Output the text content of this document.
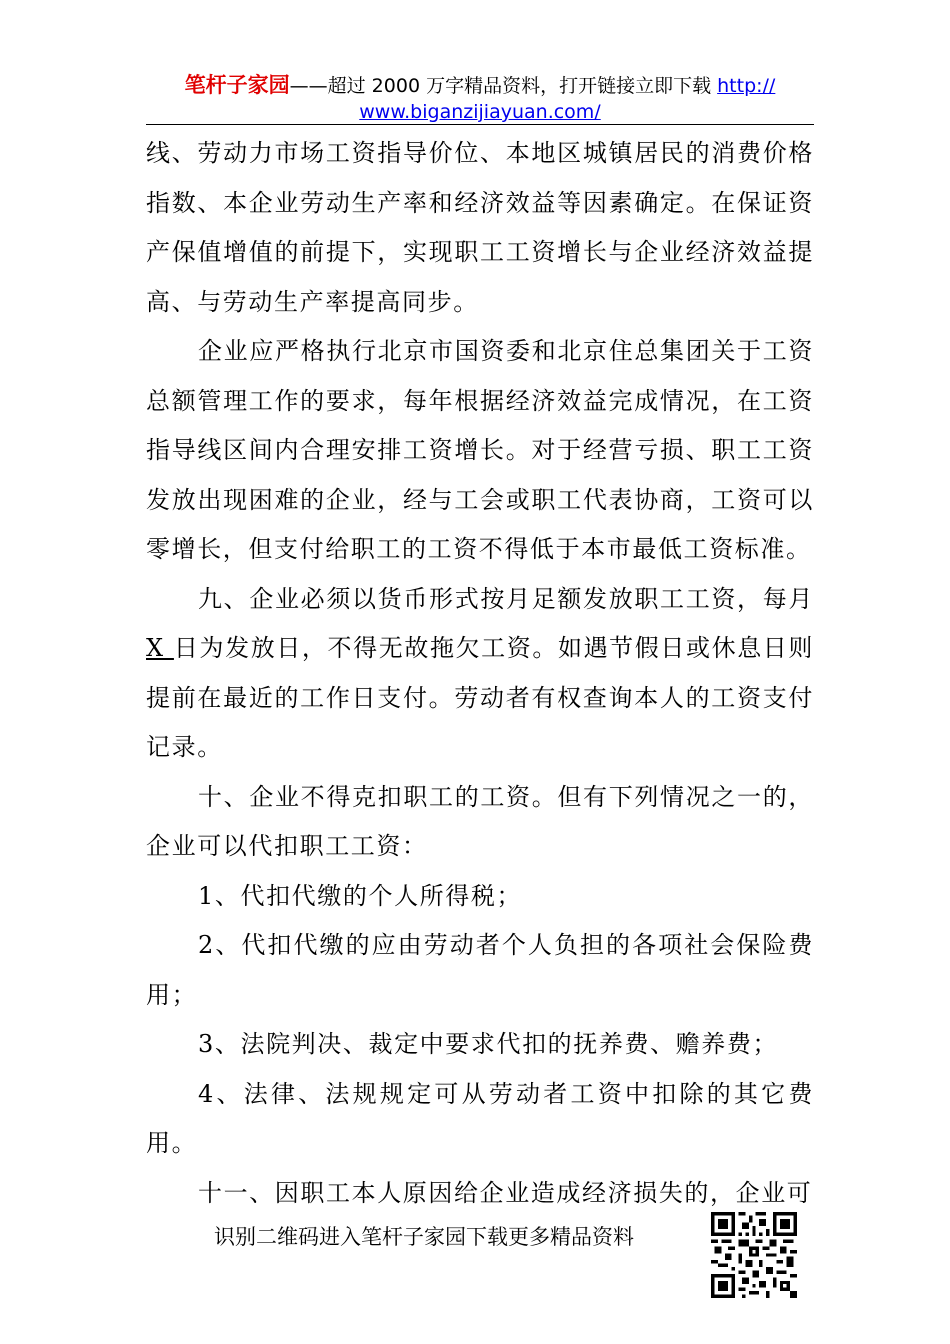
笔杆子家园——超过 2000 万字精品资料，打开链接立即下载 http://
www.biganzijiayuan.com/

线、劳动力市场工资指导价位、本地区城镇居民的消费价格指数、本企业劳动生产率和经济效益等因素确定。在保证资产保值增值的前提下，实现职工工资增长与企业经济效益提高、与劳动生产率提高同步。

企业应严格执行北京市国资委和北京住总集团关于工资总额管理工作的要求，每年根据经济效益完成情况，在工资指导线区间内合理安排工资增长。对于经营亏损、职工工资发放出现困难的企业，经与工会或职工代表协商，工资可以零增长，但支付给职工的工资不得低于本市最低工资标准。

九、企业必须以货币形式按月足额发放职工工资，每月X 日为发放日，不得无故拖欠工资。如遇节假日或休息日则提前在最近的工作日支付。劳动者有权查询本人的工资支付记录。

十、企业不得克扣职工的工资。但有下列情况之一的，企业可以代扣职工工资：

1、代扣代缴的个人所得税；

2、代扣代缴的应由劳动者个人负担的各项社会保险费用；

3、法院判决、裁定中要求代扣的抚养费、赡养费；

4、法律、法规规定可从劳动者工资中扣除的其它费用。

十一、因职工本人原因给企业造成经济损失的，企业可

识别二维码进入笔杆子家园下载更多精品资料
